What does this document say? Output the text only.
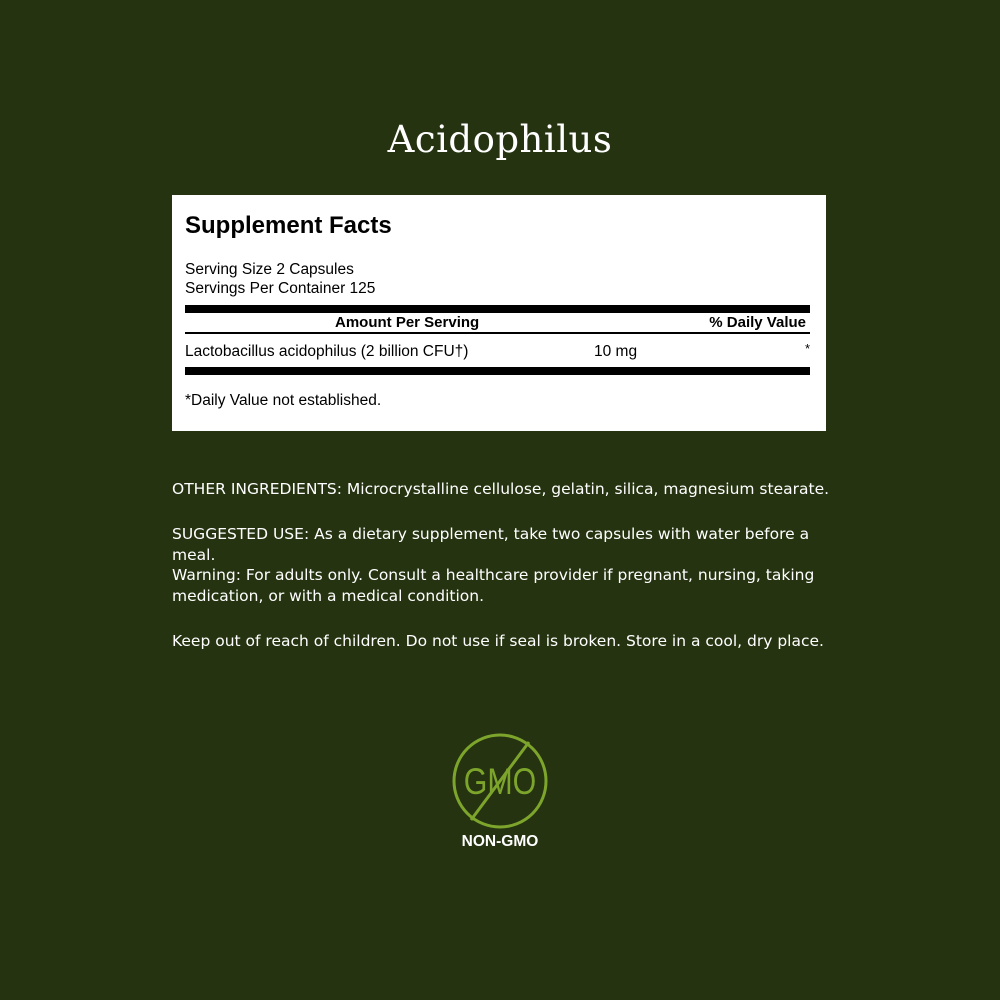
Acidophilus
Supplement Facts
Serving Size 2 Capsules
Servings Per Container 125
Amount Per Serving	% Daily Value
Lactobacillus acidophilus (2 billion CFU†)	10 mg	*
*Daily Value not established.

OTHER INGREDIENTS: Microcrystalline cellulose, gelatin, silica, magnesium stearate.

SUGGESTED USE: As a dietary supplement, take two capsules with water before a meal.

Warning: For adults only. Consult a healthcare provider if pregnant, nursing, taking medication, or with a medical condition.

Keep out of reach of children. Do not use if seal is broken. Store in a cool, dry place.

GMO
NON-GMO
